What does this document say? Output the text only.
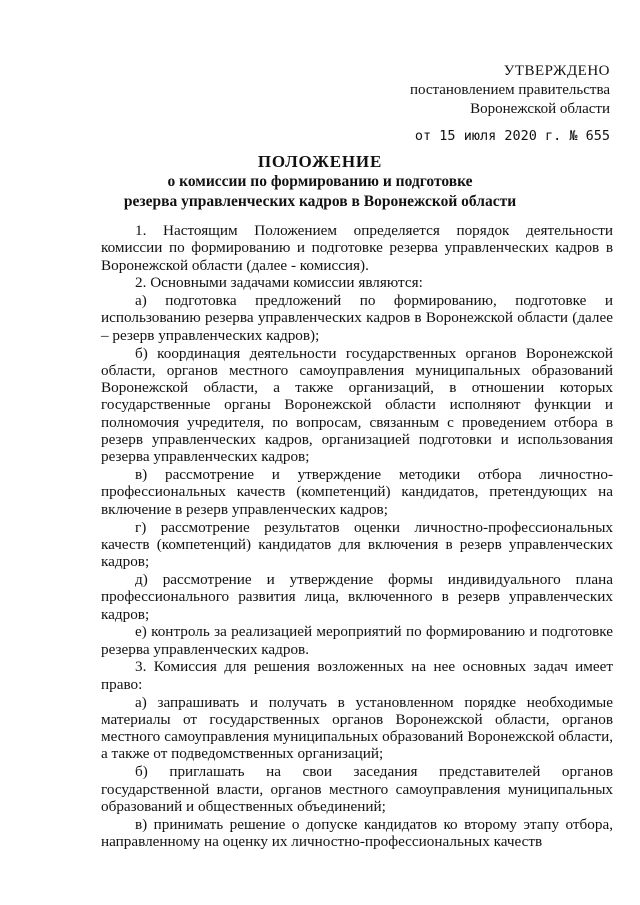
УТВЕРЖДЕНО
постановлением правительства
Воронежской области
от 15 июля 2020 г. № 655
ПОЛОЖЕНИЕ
о комиссии по формированию и подготовке
резерва управленческих кадров в Воронежской области

1. Настоящим Положением определяется порядок деятельности комиссии по формированию и подготовке резерва управленческих кадров в Воронежской области (далее - комиссия).

2. Основными задачами комиссии являются:

а) подготовка предложений по формированию, подготовке и использованию резерва управленческих кадров в Воронежской области (далее – резерв управленческих кадров);

б) координация деятельности государственных органов Воронежской области, органов местного самоуправления муниципальных образований Воронежской области, а также организаций, в отношении которых государственные органы Воронежской области исполняют функции и полномочия учредителя, по вопросам, связанным с проведением отбора в резерв управленческих кадров, организацией подготовки и использования резерва управленческих кадров;

в) рассмотрение и утверждение методики отбора личностно-профессиональных качеств (компетенций) кандидатов, претендующих на включение в резерв управленческих кадров;

г) рассмотрение результатов оценки личностно-профессиональных качеств (компетенций) кандидатов для включения в резерв управленческих кадров;

д) рассмотрение и утверждение формы индивидуального плана профессионального развития лица, включенного в резерв управленческих кадров;

е) контроль за реализацией мероприятий по формированию и подготовке резерва управленческих кадров.

3. Комиссия для решения возложенных на нее основных задач имеет право:

а) запрашивать и получать в установленном порядке необходимые материалы от государственных органов Воронежской области, органов местного самоуправления муниципальных образований Воронежской области, а также от подведомственных организаций;

б) приглашать на свои заседания представителей органов государственной власти, органов местного самоуправления муниципальных образований и общественных объединений;

в) принимать решение о допуске кандидатов ко второму этапу отбора, направленному на оценку их личностно-профессиональных качеств
